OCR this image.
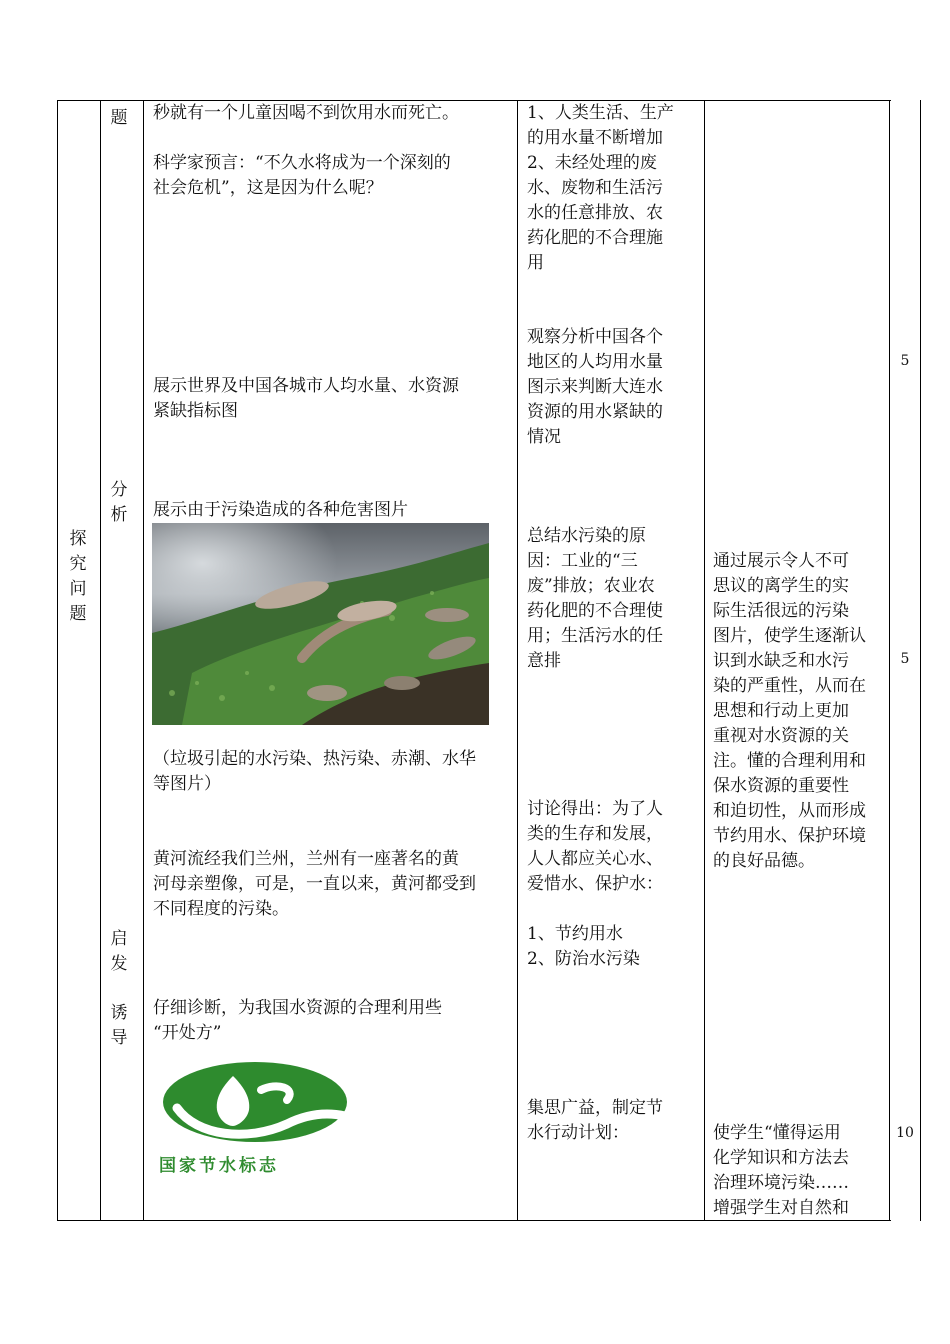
探
究
问
题
题
分
析
启
发
诱
导
秒就有一个儿童因喝不到饮用水而死亡。
科学家预言：“不久水将成为一个深刻的
社会危机”，这是因为什么呢？
展示世界及中国各城市人均水量、水资源
紧缺指标图
展示由于污染造成的各种危害图片
（垃圾引起的水污染、热污染、赤潮、水华
等图片）
黄河流经我们兰州，兰州有一座著名的黄
河母亲塑像，可是，一直以来，黄河都受到
不同程度的污染。
仔细诊断，为我国水资源的合理利用些
“开处方”
国家节水标志
1、人类生活、生产
的用水量不断增加
2、未经处理的废
水、废物和生活污
水的任意排放、农
药化肥的不合理施
用
观察分析中国各个
地区的人均用水量
图示来判断大连水
资源的用水紧缺的
情况
总结水污染的原
因：工业的“三
废”排放；农业农
药化肥的不合理使
用；生活污水的任
意排
讨论得出：为了人
类的生存和发展，
人人都应关心水、
爱惜水、保护水：
1、节约用水
2、防治水污染
集思广益，制定节
水行动计划：
通过展示令人不可
思议的离学生的实
际生活很远的污染
图片，使学生逐渐认
识到水缺乏和水污
染的严重性，从而在
思想和行动上更加
重视对水资源的关
注。懂的合理利用和
保水资源的重要性
和迫切性，从而形成
节约用水、保护环境
的良好品德。
使学生“懂得运用
化学知识和方法去
治理环境污染……
增强学生对自然和
5
5
10
